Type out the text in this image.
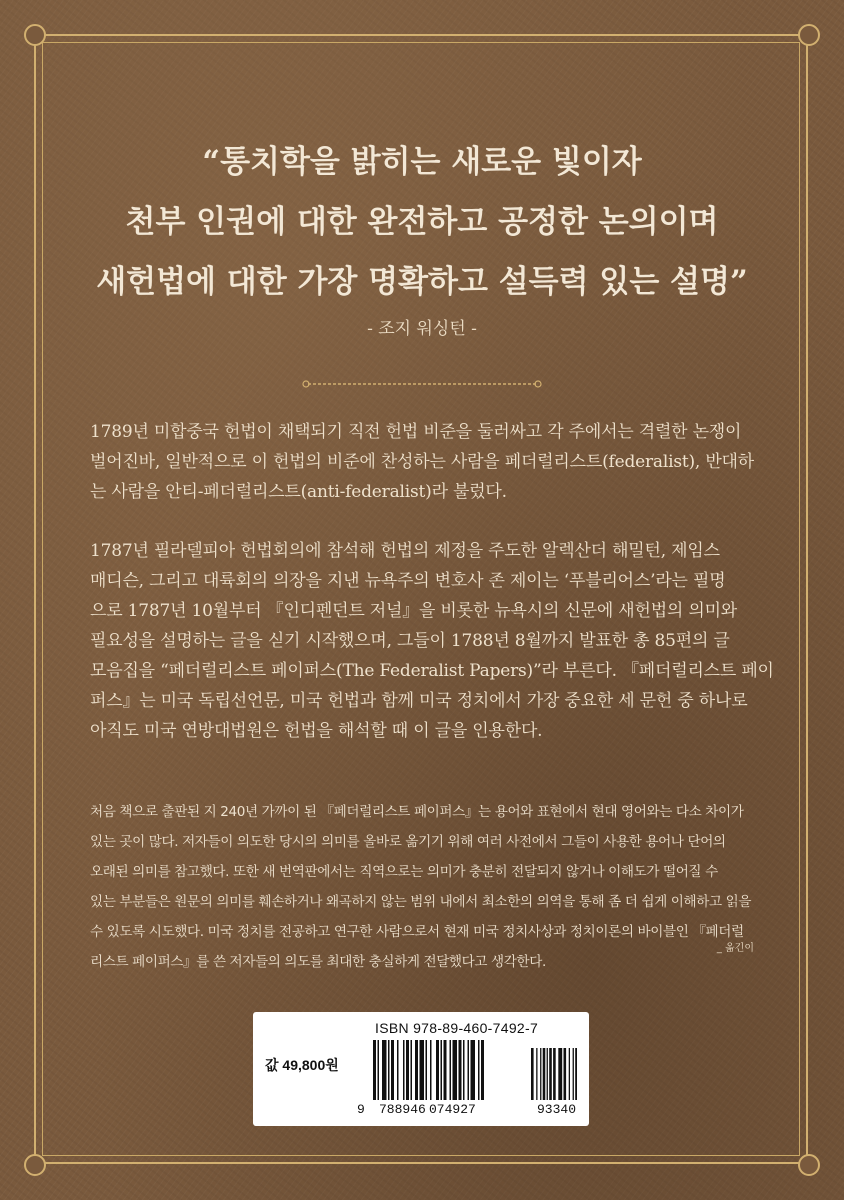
“통치학을 밝히는 새로운 빛이자
천부 인권에 대한 완전하고 공정한 논의이며
새헌법에 대한 가장 명확하고 설득력 있는 설명”
- 조지 워싱턴 -
1789년 미합중국 헌법이 채택되기 직전 헌법 비준을 둘러싸고 각 주에서는 격렬한 논쟁이
벌어진바, 일반적으로 이 헌법의 비준에 찬성하는 사람을 페더럴리스트(federalist), 반대하
는 사람을 안티-페더럴리스트(anti-federalist)라 불렀다.
1787년 필라델피아 헌법회의에 참석해 헌법의 제정을 주도한 알렉산더 해밀턴, 제임스
매디슨, 그리고 대륙회의 의장을 지낸 뉴욕주의 변호사 존 제이는 ‘푸블리어스’라는 필명
으로 1787년 10월부터 『인디펜던트 저널』을 비롯한 뉴욕시의 신문에 새헌법의 의미와
필요성을 설명하는 글을 싣기 시작했으며, 그들이 1788년 8월까지 발표한 총 85편의 글
모음집을 “페더럴리스트 페이퍼스(The Federalist Papers)”라 부른다. 『페더럴리스트 페이
퍼스』는 미국 독립선언문, 미국 헌법과 함께 미국 정치에서 가장 중요한 세 문헌 중 하나로
아직도 미국 연방대법원은 헌법을 해석할 때 이 글을 인용한다.
처음 책으로 출판된 지 240년 가까이 된 『페더럴리스트 페이퍼스』는 용어와 표현에서 현대 영어와는 다소 차이가
있는 곳이 많다. 저자들이 의도한 당시의 의미를 올바로 옮기기 위해 여러 사전에서 그들이 사용한 용어나 단어의
오래된 의미를 참고했다. 또한 새 번역판에서는 직역으로는 의미가 충분히 전달되지 않거나 이해도가 떨어질 수
있는 부분들은 원문의 의미를 훼손하거나 왜곡하지 않는 범위 내에서 최소한의 의역을 통해 좀 더 쉽게 이해하고 읽을
수 있도록 시도했다. 미국 정치를 전공하고 연구한 사람으로서 현재 미국 정치사상과 정치이론의 바이블인 『페더럴
리스트 페이퍼스』를 쓴 저자들의 의도를 최대한 충실하게 전달했다고 생각한다.
_ 옮긴이
ISBN 978-89-460-7492-7
값 49,800원
9 788946 074927	93340
